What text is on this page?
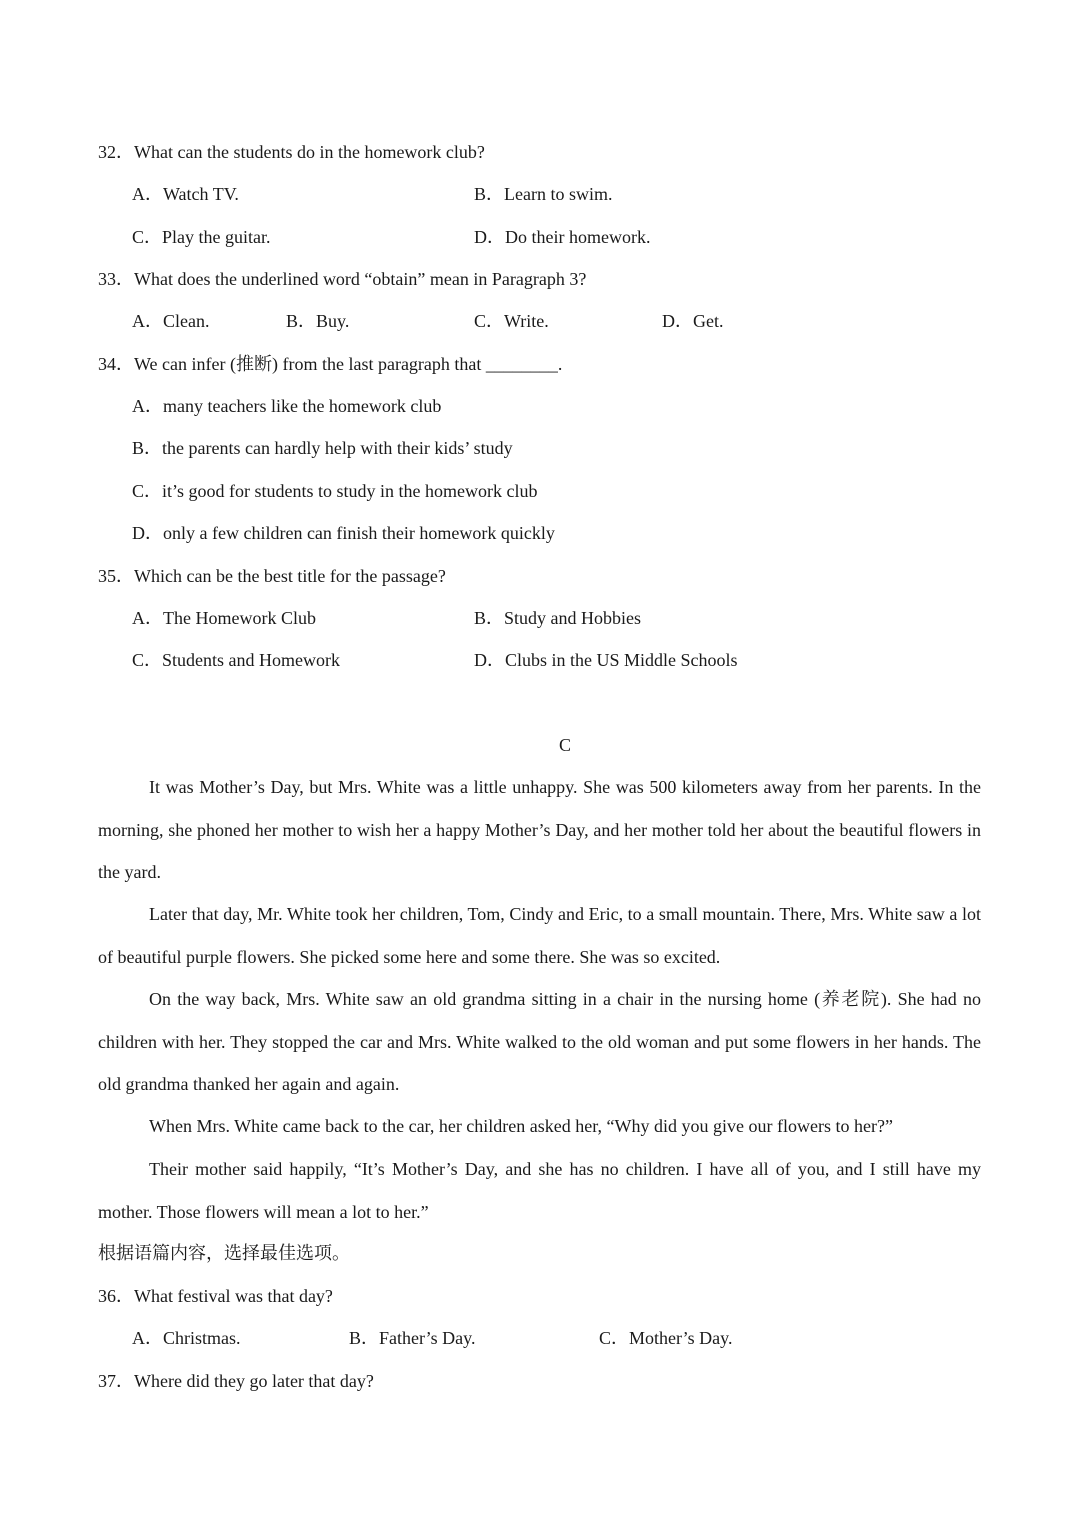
32．What can the students do in the homework club?
A．Watch TV.	B．Learn to swim.
C．Play the guitar.	D．Do their homework.
33．What does the underlined word “obtain” mean in Paragraph 3?
A．Clean.	B．Buy.	C．Write.	D．Get.
34．We can infer (推断) from the last paragraph that ________.
A．many teachers like the homework club
B．the parents can hardly help with their kids’ study
C．it’s good for students to study in the homework club
D．only a few children can finish their homework quickly
35．Which can be the best title for the passage?
A．The Homework Club	B．Study and Hobbies
C．Students and Homework	D．Clubs in the US Middle Schools
C
It was Mother’s Day, but Mrs. White was a little unhappy. She was 500 kilometers away from her parents. In the morning, she phoned her mother to wish her a happy Mother’s Day, and her mother told her about the beautiful flowers in the yard.
Later that day, Mr. White took her children, Tom, Cindy and Eric, to a small mountain. There, Mrs. White saw a lot of beautiful purple flowers. She picked some here and some there. She was so excited.
On the way back, Mrs. White saw an old grandma sitting in a chair in the nursing home (养老院). She had no children with her. They stopped the car and Mrs. White walked to the old woman and put some flowers in her hands. The old grandma thanked her again and again.
When Mrs. White came back to the car, her children asked her, “Why did you give our flowers to her?”
Their mother said happily, “It’s Mother’s Day, and she has no children. I have all of you, and I still have my mother. Those flowers will mean a lot to her.”
根据语篇内容，选择最佳选项。
36．What festival was that day?
A．Christmas.	B．Father’s Day.	C．Mother’s Day.
37．Where did they go later that day?
